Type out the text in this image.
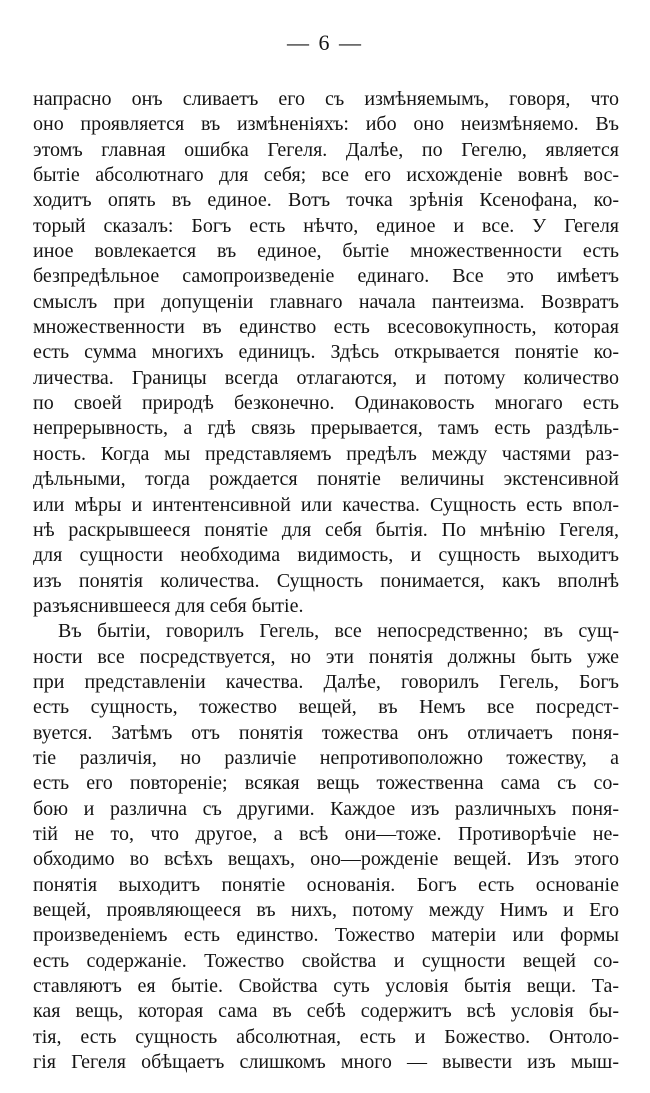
— 6 —
напрасно онъ сливаетъ его съ измѣняемымъ, говоря, что
оно проявляется въ измѣненіяхъ: ибо оно неизмѣняемо. Въ
этомъ главная ошибка Гегеля. Далѣе, по Гегелю, является
бытіе абсолютнаго для себя; все его исхожденіе вовнѣ вос-
ходитъ опять въ единое. Вотъ точка зрѣнія Ксенофана, ко-
торый сказалъ: Богъ есть нѣчто, единое и все. У Гегеля
иное вовлекается въ единое, бытіе множественности есть
безпредѣльное самопроизведеніе единаго. Все это имѣетъ
смыслъ при допущеніи главнаго начала пантеизма. Возвратъ
множественности въ единство есть всесовокупность, которая
есть сумма многихъ единицъ. Здѣсь открывается понятіе ко-
личества. Границы всегда отлагаются, и потому количество
по своей природѣ безконечно. Одинаковость многаго есть
непрерывность, а гдѣ связь прерывается, тамъ есть раздѣль-
ность. Когда мы представляемъ предѣлъ между частями раз-
дѣльными, тогда рождается понятіе величины экстенсивной
или мѣры и интентенсивной или качества. Сущность есть впол-
нѣ раскрывшееся понятіе для себя бытія. По мнѣнію Гегеля,
для сущности необходима видимость, и сущность выходитъ
изъ понятія количества. Сущность понимается, какъ вполнѣ
разъяснившееся для себя бытіе.
Въ бытіи, говорилъ Гегель, все непосредственно; въ сущ-
ности все посредствуется, но эти понятія должны быть уже
при представленіи качества. Далѣе, говорилъ Гегель, Богъ
есть сущность, тожество вещей, въ Немъ все посредст-
вуется. Затѣмъ отъ понятія тожества онъ отличаетъ поня-
тіе различія, но различіе непротивоположно тожеству, а
есть его повтореніе; всякая вещь тожественна сама съ со-
бою и различна съ другими. Каждое изъ различныхъ поня-
тій не то, что другое, а всѣ они—тоже. Противорѣчіе не-
обходимо во всѣхъ вещахъ, оно—рожденіе вещей. Изъ этого
понятія выходитъ понятіе основанія. Богъ есть основаніе
вещей, проявляющееся въ нихъ, потому между Нимъ и Его
произведеніемъ есть единство. Тожество матеріи или формы
есть содержаніе. Тожество свойства и сущности вещей со-
ставляютъ ея бытіе. Свойства суть условія бытія вещи. Та-
кая вещь, которая сама въ себѣ содержитъ всѣ условія бы-
тія, есть сущность абсолютная, есть и Божество. Онтоло-
гія Гегеля обѣщаетъ слишкомъ много — вывести изъ мыш-
